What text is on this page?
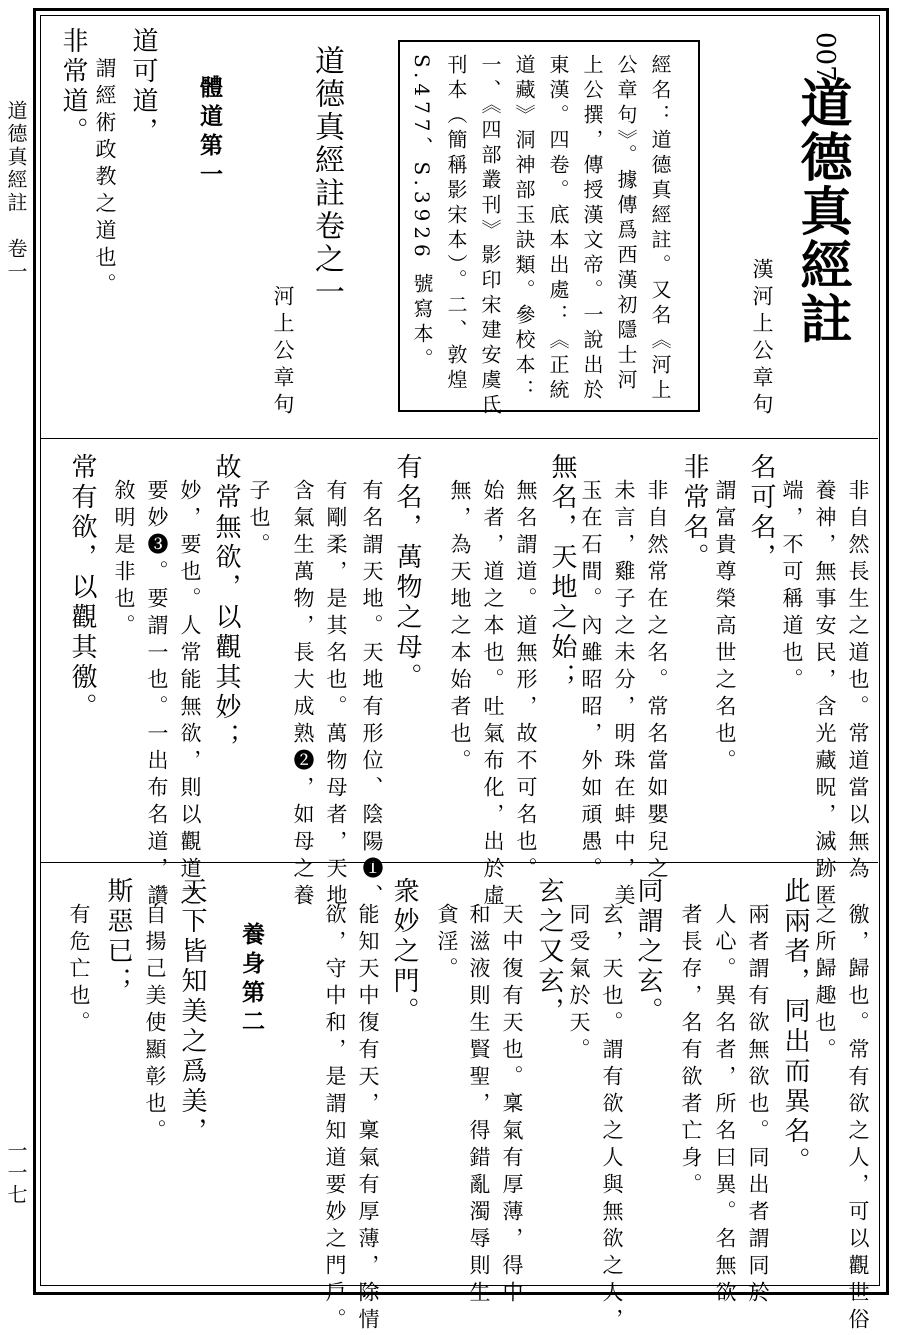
道德真經註　卷一
一一七
007
道德真經註
漢河上公章句
經名：道德真經註。又名《河上
公章句》。據傳爲西漢初隱士河
上公撰，傳授漢文帝。一說出於
東漢。四卷。底本出處：《正統
道藏》洞神部玉訣類。參校本：
一、《四部叢刊》影印宋建安虞氏
刊本（簡稱影宋本）。二、敦煌
S.477、S.3926 號寫本。
道德真經註卷之一
河上公章句
體道第一
道可道，
謂經術政教之道也。
非常道。
非自然長生之道也。常道當以無為
養神，無事安民，含光藏㫛，滅跡匿
端，不可稱道也。
名可名，
謂富貴尊榮高世之名也。
非常名。
非自然常在之名。常名當如嬰兒之
未言，雞子之未分，明珠在蚌中，美
玉在石間。內雖昭昭，外如頑愚。
無名，天地之始；
無名謂道。道無形，故不可名也。
始者，道之本也。吐氣布化，出於虛
無，為天地之本始者也。
有名，萬物之母。
有名謂天地。天地有形位、陰陽❶、
有剛柔，是其名也。萬物母者，天地
含氣生萬物，長大成熟❷，如母之養
子也。
故常無欲，以觀其妙；
妙，要也。人常能無欲，則以觀道之
要妙❸。要謂一也。一出布名道，讚
敘明是非也。
常有欲，以觀其徼。
徼，歸也。常有欲之人，可以觀世俗
之所歸趣也。
此兩者，同出而異名。
兩者謂有欲無欲也。同出者謂同於
人心。異名者，所名曰異。名無欲
者長存，名有欲者亡身。
同謂之玄。
玄，天也。謂有欲之人與無欲之人，
同受氣於天。
玄之又玄，
天中復有天也。稟氣有厚薄，得中
和滋液則生賢聖，得錯亂濁辱則生
貪淫。
衆妙之門。
能知天中復有天，稟氣有厚薄，除情
欲，守中和，是謂知道要妙之門戶。
天下皆知美之爲美，
自揚己美使顯彰也。
斯惡已；
有危亡也。	養身第二
